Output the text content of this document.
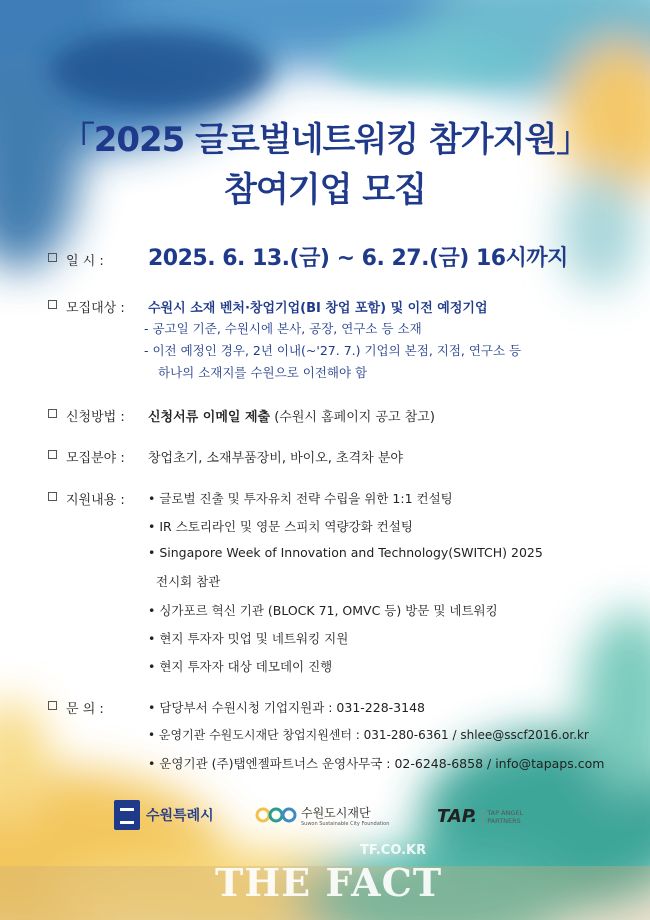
「2025 글로벌네트워킹 참가지원」
참여기업 모집
일 시 :	2025. 6. 13.(금) ~ 6. 27.(금) 16시까지
모집대상 :	수원시 소재 벤처·창업기업(BI 창업 포함) 및 이전 예정기업
- 공고일 기준, 수원시에 본사, 공장, 연구소 등 소재
- 이전 예정인 경우, 2년 이내(~'27. 7.) 기업의 본점, 지점, 연구소 등
하나의 소재지를 수원으로 이전해야 함
신청방법 :	신청서류 이메일 제출 (수원시 홈페이지 공고 참고)
모집분야 :	창업초기, 소재부품장비, 바이오, 초격차 분야
지원내용 :	• 글로벌 진출 및 투자유치 전략 수립을 위한 1:1 컨설팅
• IR 스토리라인 및 영문 스피치 역량강화 컨설팅
• Singapore Week of Innovation and Technology(SWITCH) 2025
전시회 참관
• 싱가포르 혁신 기관 (BLOCK 71, OMVC 등) 방문 및 네트워킹
• 현지 투자자 밋업 및 네트워킹 지원
• 현지 투자자 대상 데모데이 진행
문 의 :	• 담당부서 수원시청 기업지원과 : 031-228-3148
• 운영기관 수원도시재단 창업지원센터 : 031-280-6361 / shlee@sscf2016.or.kr
• 운영기관 (주)탭엔젤파트너스 운영사무국 : 02-6248-6858 / info@tapaps.com
수원특례시	수원도시재단
Suwon Sustainable City Foundation	TAP. TAP ANGEL
PARTNERS
TF.CO.KR
THE FACT
